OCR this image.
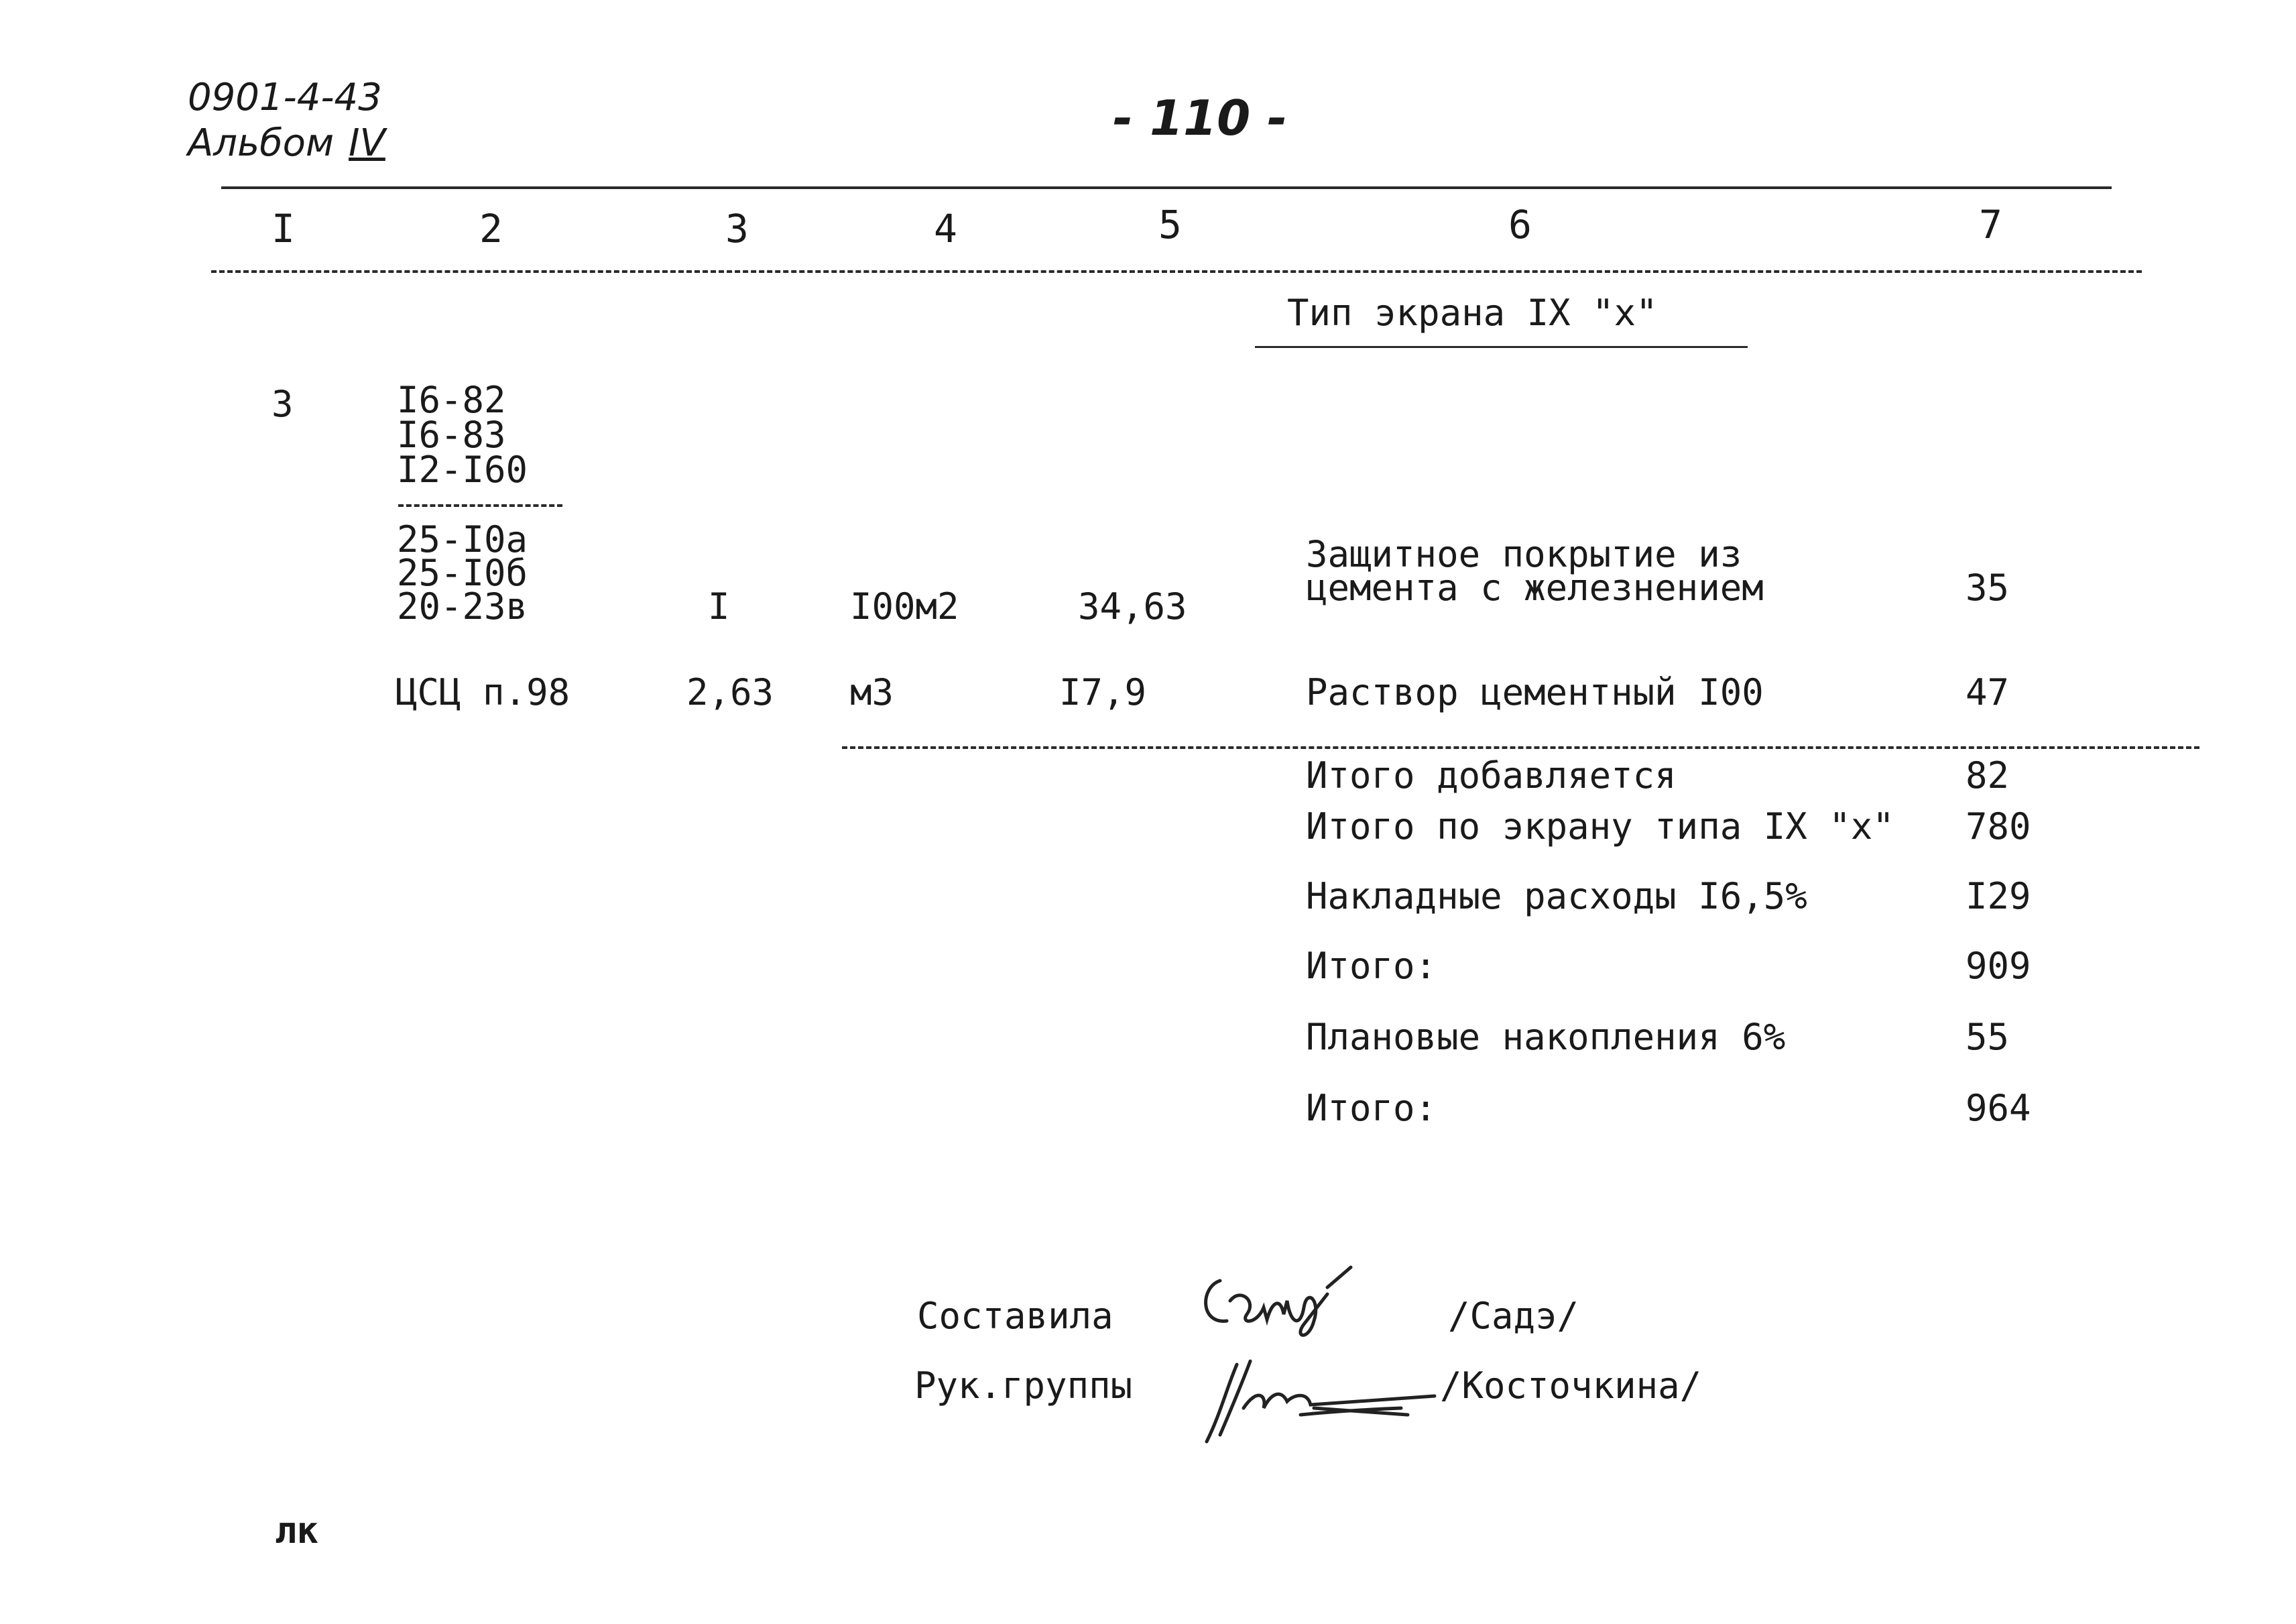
0901-4-43
Альбом IV	- 110 -
I	2	3	4	5	6	7
Тип экрана IX "х"
3	I6-82
I6-83
I2-I60
25-I0а
25-I0б
20-23в	I	I00м2	34,63
Защитное покрытие из
цемента с железнением	35
ЦСЦ п.98	2,63 м3	I7,9	Раствор цементный I00	47
Итого добавляется	82
Итого по экрану типа IX "х" 780
Накладные расходы I6,5%	I29
Итого:	909
Плановые накопления 6%	55
Итого:	964
Составила	/Садэ/
Рук.группы	/Косточкина/
лк
